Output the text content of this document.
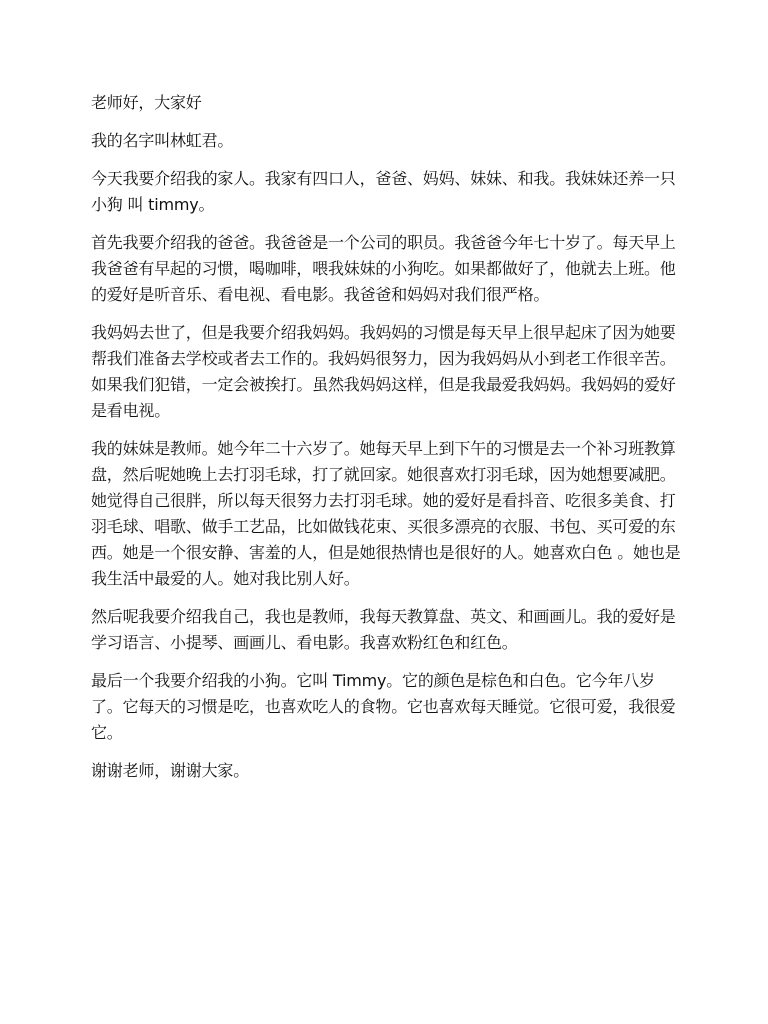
老师好，大家好

我的名字叫林虹君。

今天我要介绍我的家人。我家有四口人，爸爸、妈妈、妹妹、和我。我妹妹还养一只小狗 叫 timmy。

首先我要介绍我的爸爸。我爸爸是一个公司的职员。我爸爸今年七十岁了。每天早上我爸爸有早起的习惯，喝咖啡，喂我妹妹的小狗吃。如果都做好了，他就去上班。他的爱好是听音乐、看电视、看电影。我爸爸和妈妈对我们很严格。

我妈妈去世了，但是我要介绍我妈妈。我妈妈的习惯是每天早上很早起床了因为她要帮我们准备去学校或者去工作的。我妈妈很努力，因为我妈妈从小到老工作很辛苦。如果我们犯错，一定会被挨打。虽然我妈妈这样，但是我最爱我妈妈。我妈妈的爱好是看电视。

我的妹妹是教师。她今年二十六岁了。她每天早上到下午的习惯是去一个补习班教算盘，然后呢她晚上去打羽毛球，打了就回家。她很喜欢打羽毛球，因为她想要减肥。她觉得自己很胖，所以每天很努力去打羽毛球。她的爱好是看抖音、吃很多美食、打羽毛球、唱歌、做手工艺品，比如做钱花束、买很多漂亮的衣服、书包、买可爱的东西。她是一个很安静、害羞的人，但是她很热情也是很好的人。她喜欢白色 。她也是我生活中最爱的人。她对我比别人好。

然后呢我要介绍我自己，我也是教师，我每天教算盘、英文、和画画儿。我的爱好是学习语言、小提琴、画画儿、看电影。我喜欢粉红色和红色。

最后一个我要介绍我的小狗。它叫 Timmy。它的颜色是棕色和白色。它今年八岁了。它每天的习惯是吃，也喜欢吃人的食物。它也喜欢每天睡觉。它很可爱，我很爱它。

谢谢老师，谢谢大家。
